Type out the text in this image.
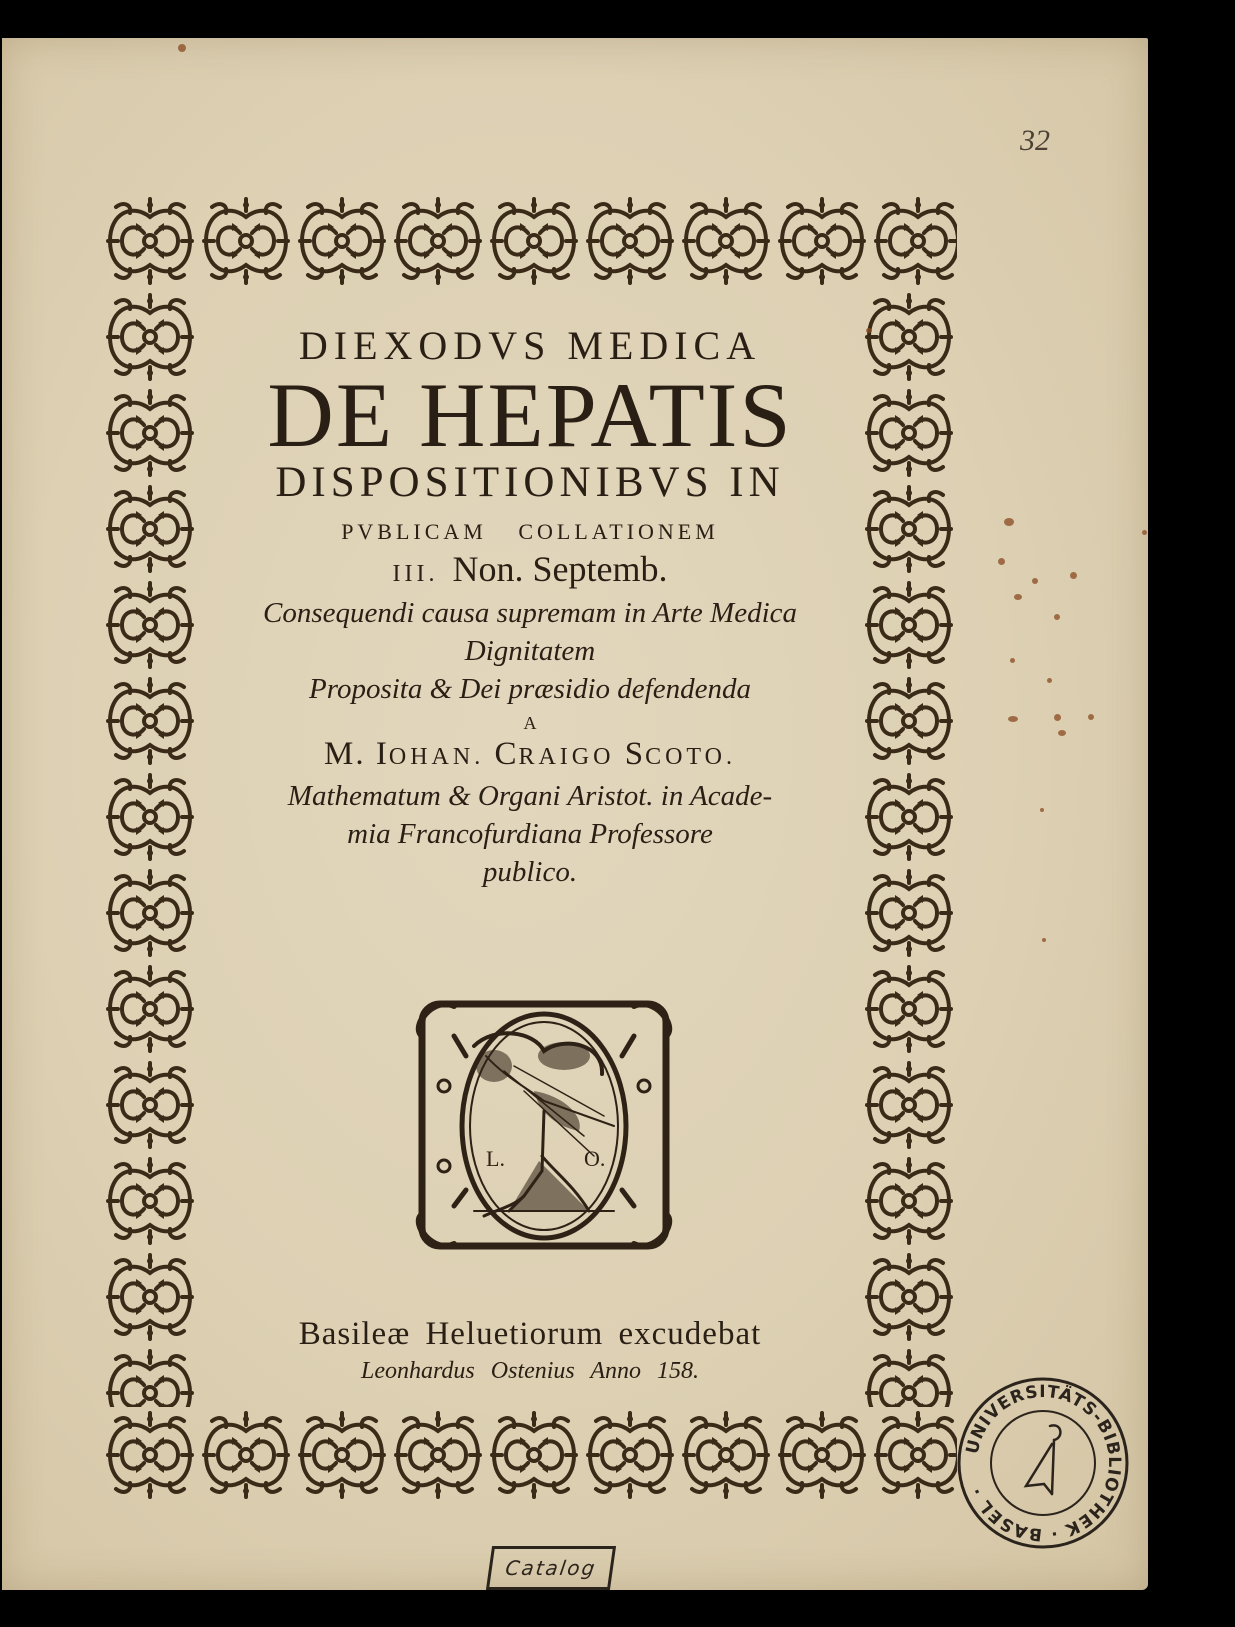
32
DIEXODVS MEDICA
DE HEPATIS
DISPOSITIONIBVS IN
PVBLICAM COLLATIONEM
III. Non. Septemb.
Consequendi causa supremam in Arte Medica
Dignitatem
Proposita & Dei præsidio defendenda
A
M. IOHAN. CRAIGO SCOTO.
Mathematum & Organi Aristot. in Acade-
mia Francofurdiana Professore
publico.
L.	O.
Basileæ Heluetiorum excudebat
Leonhardus Ostenius Anno 158.
Catalog
UNIVERSITÄTS-BIBLIOTHEK · BASEL ·
